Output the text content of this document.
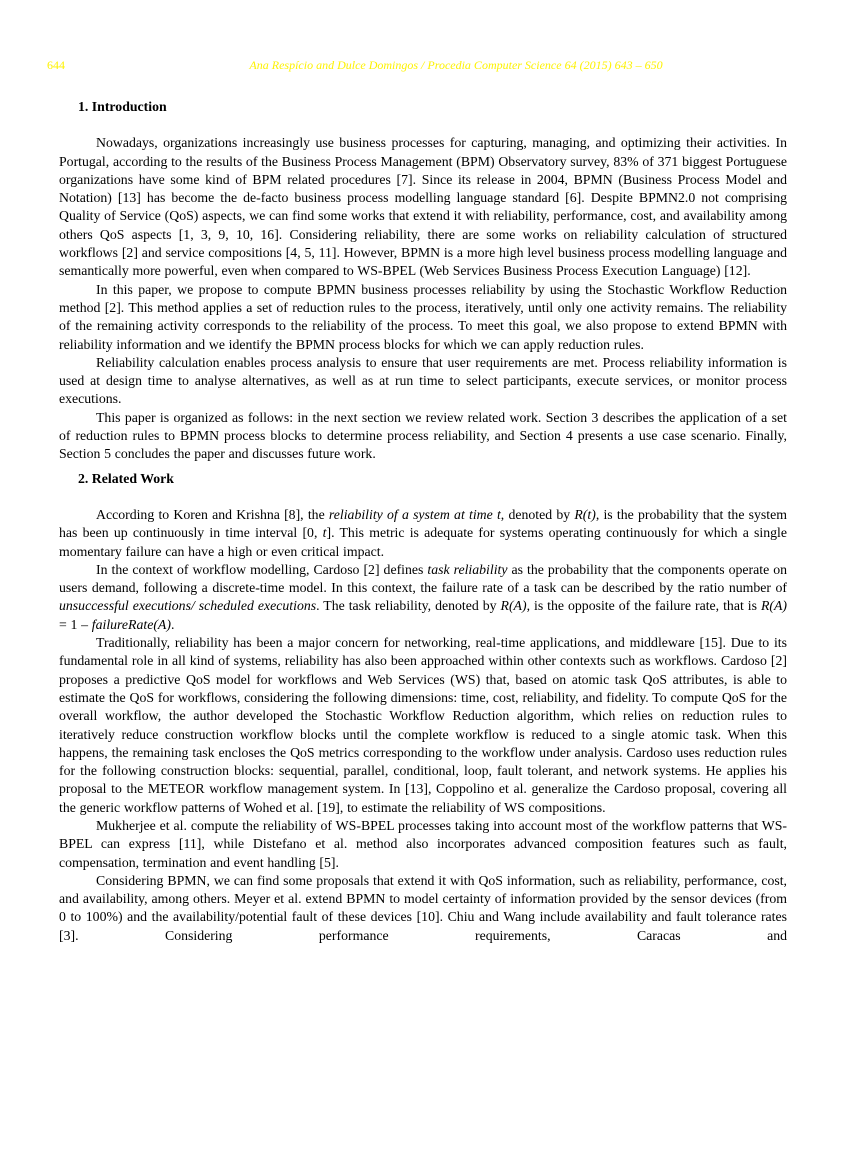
644	Ana Respício and Dulce Domingos / Procedia Computer Science 64 (2015) 643 – 650
1. Introduction

Nowadays, organizations increasingly use business processes for capturing, managing, and optimizing their activities. In Portugal, according to the results of the Business Process Management (BPM) Observatory survey, 83% of 371 biggest Portuguese organizations have some kind of BPM related procedures [7]. Since its release in 2004, BPMN (Business Process Model and Notation) [13] has become the de-facto business process modelling language standard [6]. Despite BPMN2.0 not comprising Quality of Service (QoS) aspects, we can find some works that extend it with reliability, performance, cost, and availability among others QoS aspects [1, 3, 9, 10, 16]. Considering reliability, there are some works on reliability calculation of structured workflows [2] and service compositions [4, 5, 11]. However, BPMN is a more high level business process modelling language and semantically more powerful, even when compared to WS-BPEL (Web Services Business Process Execution Language) [12].

In this paper, we propose to compute BPMN business processes reliability by using the Stochastic Workflow Reduction method [2]. This method applies a set of reduction rules to the process, iteratively, until only one activity remains. The reliability of the remaining activity corresponds to the reliability of the process. To meet this goal, we also propose to extend BPMN with reliability information and we identify the BPMN process blocks for which we can apply reduction rules.

Reliability calculation enables process analysis to ensure that user requirements are met. Process reliability information is used at design time to analyse alternatives, as well as at run time to select participants, execute services, or monitor process executions.

This paper is organized as follows: in the next section we review related work. Section 3 describes the application of a set of reduction rules to BPMN process blocks to determine process reliability, and Section 4 presents a use case scenario. Finally, Section 5 concludes the paper and discusses future work.

2. Related Work

According to Koren and Krishna [8], the reliability of a system at time t, denoted by R(t), is the probability that the system has been up continuously in time interval [0, t]. This metric is adequate for systems operating continuously for which a single momentary failure can have a high or even critical impact.

In the context of workflow modelling, Cardoso [2] defines task reliability as the probability that the components operate on users demand, following a discrete-time model. In this context, the failure rate of a task can be described by the ratio number of unsuccessful executions/ scheduled executions. The task reliability, denoted by R(A), is the opposite of the failure rate, that is R(A) = 1 – failureRate(A).

Traditionally, reliability has been a major concern for networking, real-time applications, and middleware [15]. Due to its fundamental role in all kind of systems, reliability has also been approached within other contexts such as workflows. Cardoso [2] proposes a predictive QoS model for workflows and Web Services (WS) that, based on atomic task QoS attributes, is able to estimate the QoS for workflows, considering the following dimensions: time, cost, reliability, and fidelity. To compute QoS for the overall workflow, the author developed the Stochastic Workflow Reduction algorithm, which relies on reduction rules to iteratively reduce construction workflow blocks until the complete workflow is reduced to a single atomic task. When this happens, the remaining task encloses the QoS metrics corresponding to the workflow under analysis. Cardoso uses reduction rules for the following construction blocks: sequential, parallel, conditional, loop, fault tolerant, and network systems. He applies his proposal to the METEOR workflow management system. In [13], Coppolino et al. generalize the Cardoso proposal, covering all the generic workflow patterns of Wohed et al. [19], to estimate the reliability of WS compositions.

Mukherjee et al. compute the reliability of WS-BPEL processes taking into account most of the workflow patterns that WS-BPEL can express [11], while Distefano et al. method also incorporates advanced composition features such as fault, compensation, termination and event handling [5].

Considering BPMN, we can find some proposals that extend it with QoS information, such as reliability, performance, cost, and availability, among others. Meyer et al. extend BPMN to model certainty of information provided by the sensor devices (from 0 to 100%) and the availability/potential fault of these devices [10]. Chiu and Wang include availability and fault tolerance rates [3]. Considering performance requirements, Caracas and
